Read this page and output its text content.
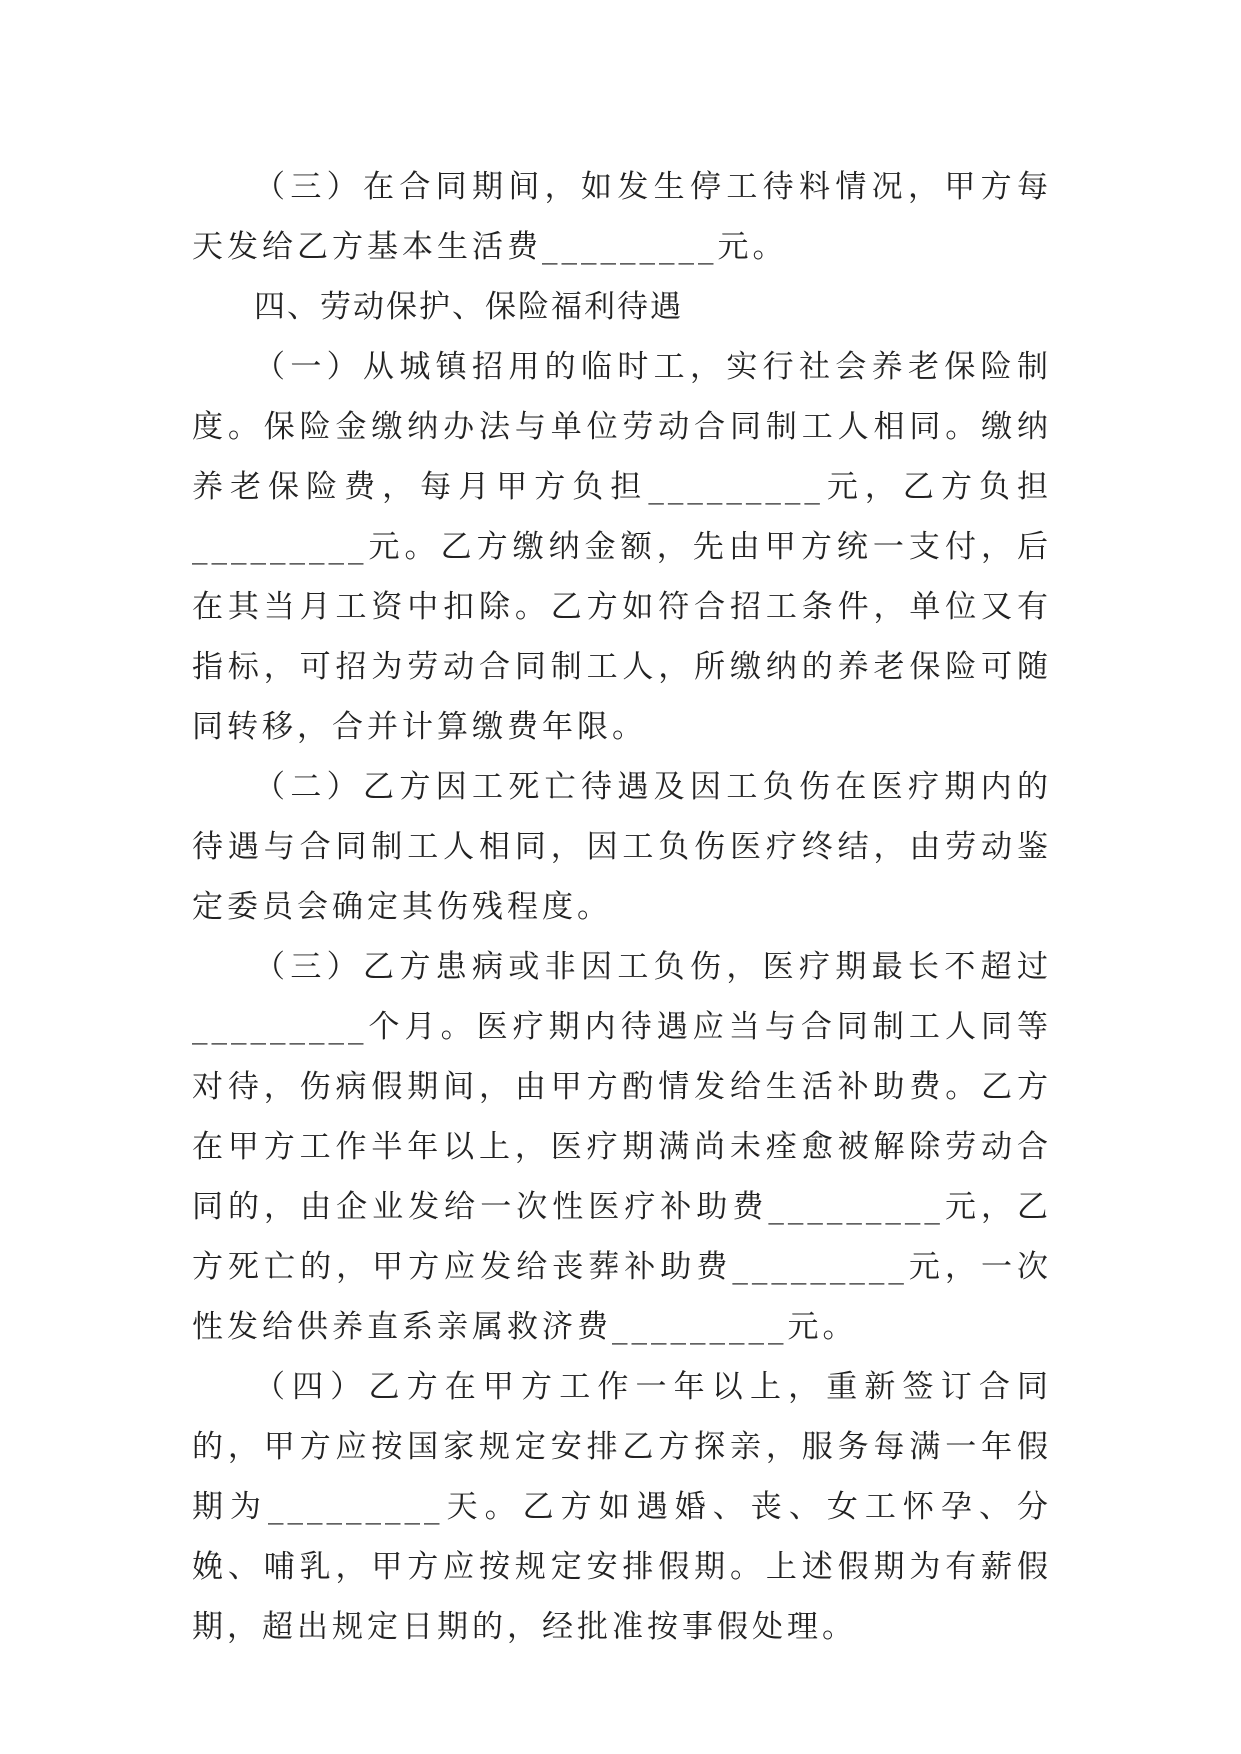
（三）在合同期间，如发生停工待料情况，甲方每天发给乙方基本生活费_________元。

四、劳动保护、保险福利待遇

（一）从城镇招用的临时工，实行社会养老保险制度。保险金缴纳办法与单位劳动合同制工人相同。缴纳养老保险费，每月甲方负担_________元，乙方负担_________元。乙方缴纳金额，先由甲方统一支付，后在其当月工资中扣除。乙方如符合招工条件，单位又有指标，可招为劳动合同制工人，所缴纳的养老保险可随同转移，合并计算缴费年限。

（二）乙方因工死亡待遇及因工负伤在医疗期内的待遇与合同制工人相同，因工负伤医疗终结，由劳动鉴定委员会确定其伤残程度。

（三）乙方患病或非因工负伤，医疗期最长不超过_________个月。医疗期内待遇应当与合同制工人同等对待，伤病假期间，由甲方酌情发给生活补助费。乙方在甲方工作半年以上，医疗期满尚未痊愈被解除劳动合同的，由企业发给一次性医疗补助费_________元，乙方死亡的，甲方应发给丧葬补助费_________元，一次性发给供养直系亲属救济费_________元。

（四）乙方在甲方工作一年以上，重新签订合同的，甲方应按国家规定安排乙方探亲，服务每满一年假期为_________天。乙方如遇婚、丧、女工怀孕、分娩、哺乳，甲方应按规定安排假期。上述假期为有薪假期，超出规定日期的，经批准按事假处理。
